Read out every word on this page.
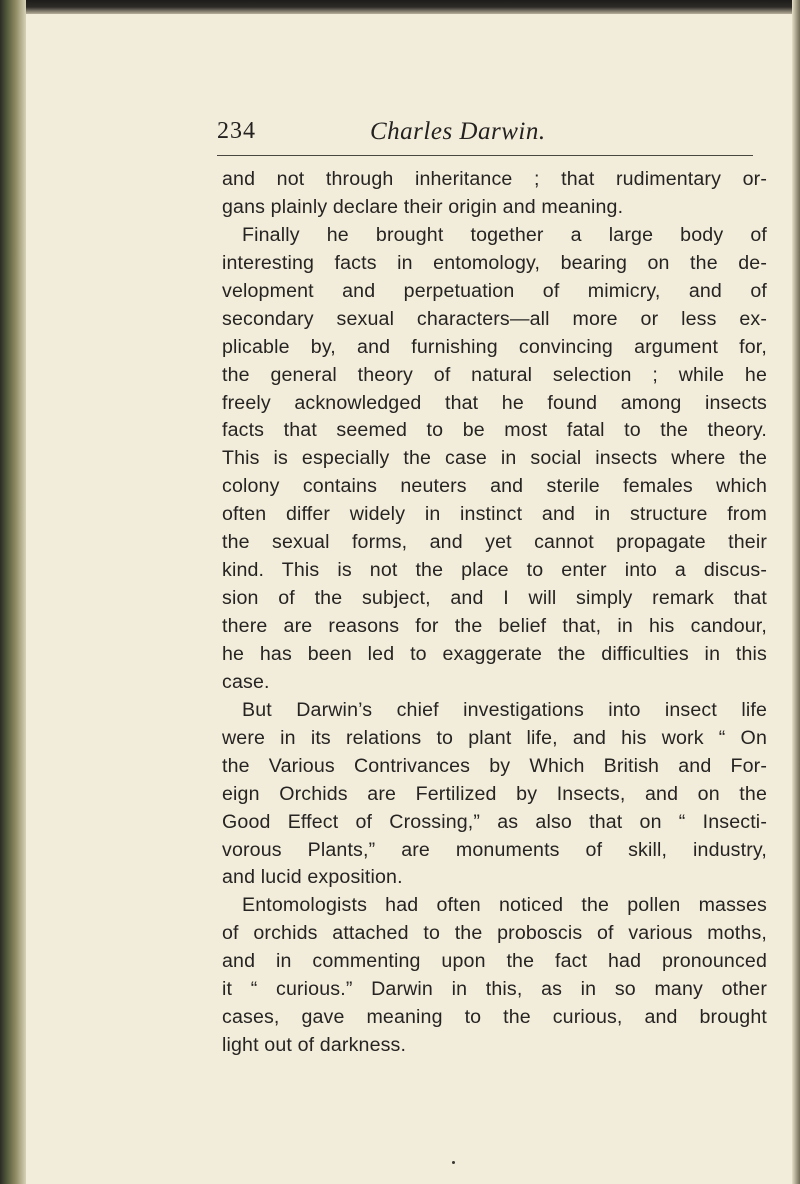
234	Charles Darwin.
and not through inheritance ; that rudimentary or-
gans plainly declare their origin and meaning.
Finally he brought together a large body of
interesting facts in entomology, bearing on the de-
velopment and perpetuation of mimicry, and of
secondary sexual characters—all more or less ex-
plicable by, and furnishing convincing argument for,
the general theory of natural selection ; while he
freely acknowledged that he found among insects
facts that seemed to be most fatal to the theory.
This is especially the case in social insects where the
colony contains neuters and sterile females which
often differ widely in instinct and in structure from
the sexual forms, and yet cannot propagate their
kind. This is not the place to enter into a discus-
sion of the subject, and I will simply remark that
there are reasons for the belief that, in his candour,
he has been led to exaggerate the difficulties in this
case.
But Darwin’s chief investigations into insect life
were in its relations to plant life, and his work “ On
the Various Contrivances by Which British and For-
eign Orchids are Fertilized by Insects, and on the
Good Effect of Crossing,” as also that on “ Insecti-
vorous Plants,” are monuments of skill, industry,
and lucid exposition.
Entomologists had often noticed the pollen masses
of orchids attached to the proboscis of various moths,
and in commenting upon the fact had pronounced
it “ curious.” Darwin in this, as in so many other
cases, gave meaning to the curious, and brought
light out of darkness.
